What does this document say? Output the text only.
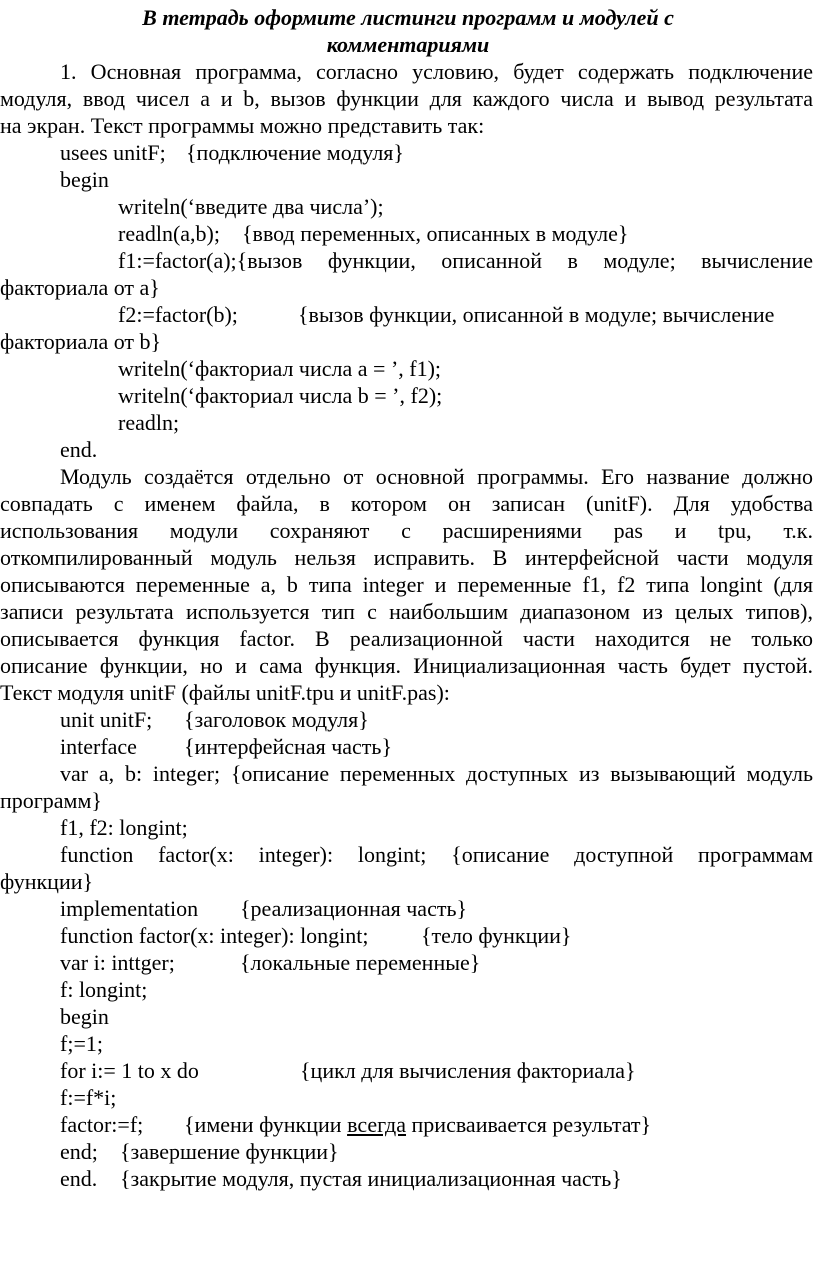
В тетрадь оформите листинги программ и модулей с
комментариями
1. Основная программа, согласно условию, будет содержать подключение
модуля, ввод чисел a и b, вызов функции для каждого числа и вывод результата
на экран. Текст программы можно представить так:

usees unitF;

{подключение модуля}

begin
writeln(‘введите два числа’);

readln(a,b);

{ввод переменных, описанных в модуле}

f1:=factor(a);{вызов функции, описанной в модуле; вычисление
факториала от a}

f2:=factor(b);

	{вызов функции, описанной в модуле; вычисление

факториала от b}
writeln(‘факториал числа a = ’, f1);
writeln(‘факториал числа b = ’, f2);
readln;
end.
Модуль создаётся отдельно от основной программы. Его название должно
совпадать с именем файла, в котором он записан (unitF). Для удобства
использования модули сохраняют с расширениями pas и tpu, т.к.
откомпилированный модуль нельзя исправить. В интерфейсной части модуля
описываются переменные a, b типа integer и переменные f1, f2 типа longint (для
записи результата используется тип с наибольшим диапазоном из целых типов),
описывается функция factor. В реализационной части находится не только
описание функции, но и сама функция. Инициализационная часть будет пустой.
Текст модуля unitF (файлы unitF.tpu и unitF.pas):

unit unitF;

{заголовок модуля}

interface

{интерфейсная часть}

var a, b: integer; {описание переменных доступных из вызывающий модуль
программ}
f1, f2: longint;
function factor(x: integer): longint; {описание доступной программам
функции}

implementation

{реализационная часть}

function factor(x: integer): longint;

{тело функции}

var i: inttger;

	{локальные переменные}

f: longint;
begin
f;=1;

for i:= 1 to x do

	{цикл для вычисления факториала}

f:=f*i;

factor:=f;

{имени функции всегда присваивается результат}

end;

{завершение функции}

end.

{закрытие модуля, пустая инициализационная часть}
